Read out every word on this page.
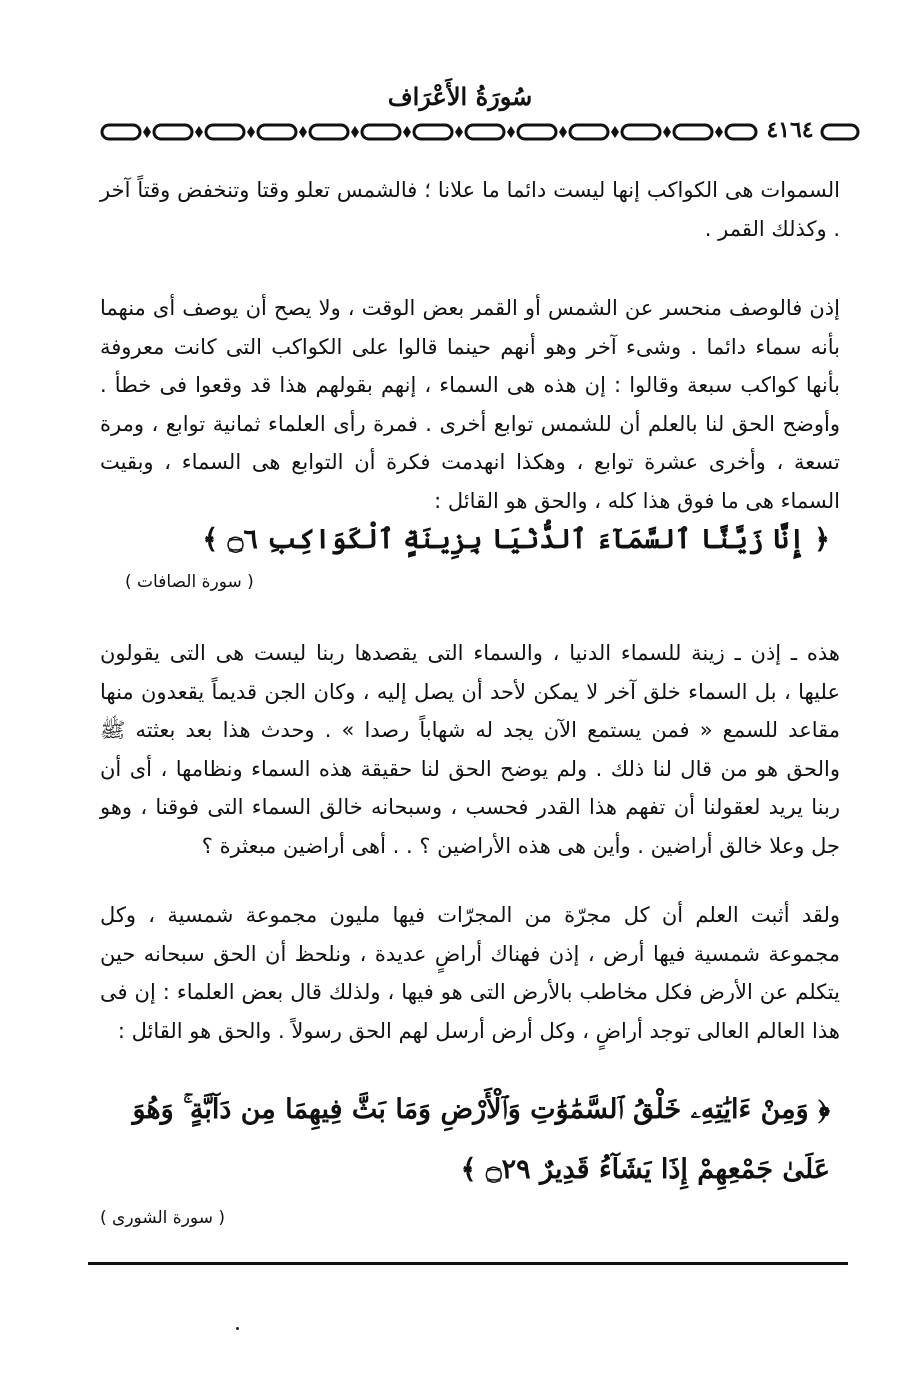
سُورَةُ الأَعْرَاف
٤١٦٤

السموات هى الكواكب إنها ليست دائما ما علانا ؛ فالشمس تعلو وقتا وتنخفض وقتاً آخر . وكذلك القمر .

إذن فالوصف منحسر عن الشمس أو القمر بعض الوقت ، ولا يصح أن يوصف أى منهما بأنه سماء دائما . وشىء آخر وهو أنهم حينما قالوا على الكواكب التى كانت معروفة بأنها كواكب سبعة وقالوا : إن هذه هى السماء ، إنهم بقولهم هذا قد وقعوا فى خطأ . وأوضح الحق لنا بالعلم أن للشمس توابع أخرى . فمرة رأى العلماء ثمانية توابع ، ومرة تسعة ، وأخرى عشرة توابع ، وهكذا انهدمت فكرة أن التوابع هى السماء ، وبقيت السماء هى ما فوق هذا كله ، والحق هو القائل :

﴿ إِنَّا زَيَّنَّا ٱلسَّمَآءَ ٱلدُّنْيَا بِزِينَةٍ ٱلْكَوَاكِبِ ۝٦ ﴾
( سورة الصافات )

هذه ـ إذن ـ زينة للسماء الدنيا ، والسماء التى يقصدها ربنا ليست هى التى يقولون عليها ، بل السماء خلق آخر لا يمكن لأحد أن يصل إليه ، وكان الجن قديماً يقعدون منها مقاعد للسمع « فمن يستمع الآن يجد له شهاباً رصدا » . وحدث هذا بعد بعثته ﷺ والحق هو من قال لنا ذلك . ولم يوضح الحق لنا حقيقة هذه السماء ونظامها ، أى أن ربنا يريد لعقولنا أن تفهم هذا القدر فحسب ، وسبحانه خالق السماء التى فوقنا ، وهو جل وعلا خالق أراضين . وأين هى هذه الأراضين ؟ . . أهى أراضين مبعثرة ؟

ولقد أثبت العلم أن كل مجرّة من المجرّات فيها مليون مجموعة شمسية ، وكل مجموعة شمسية فيها أرض ، إذن فهناك أراضٍ عديدة ، ونلحظ أن الحق سبحانه حين يتكلم عن الأرض فكل مخاطب بالأرض التى هو فيها ، ولذلك قال بعض العلماء : إن فى هذا العالم العالى توجد أراضٍ ، وكل أرض أرسل لهم الحق رسولاً . والحق هو القائل :

﴿ وَمِنْ ءَايَٰتِهِۦ خَلْقُ ٱلسَّمَٰوَٰتِ وَٱلْأَرْضِ وَمَا بَثَّ فِيهِمَا مِن دَآبَّةٍ ۚ وَهُوَ عَلَىٰ جَمْعِهِمْ إِذَا يَشَآءُ قَدِيرٌ ۝٢٩ ﴾
( سورة الشورى )
